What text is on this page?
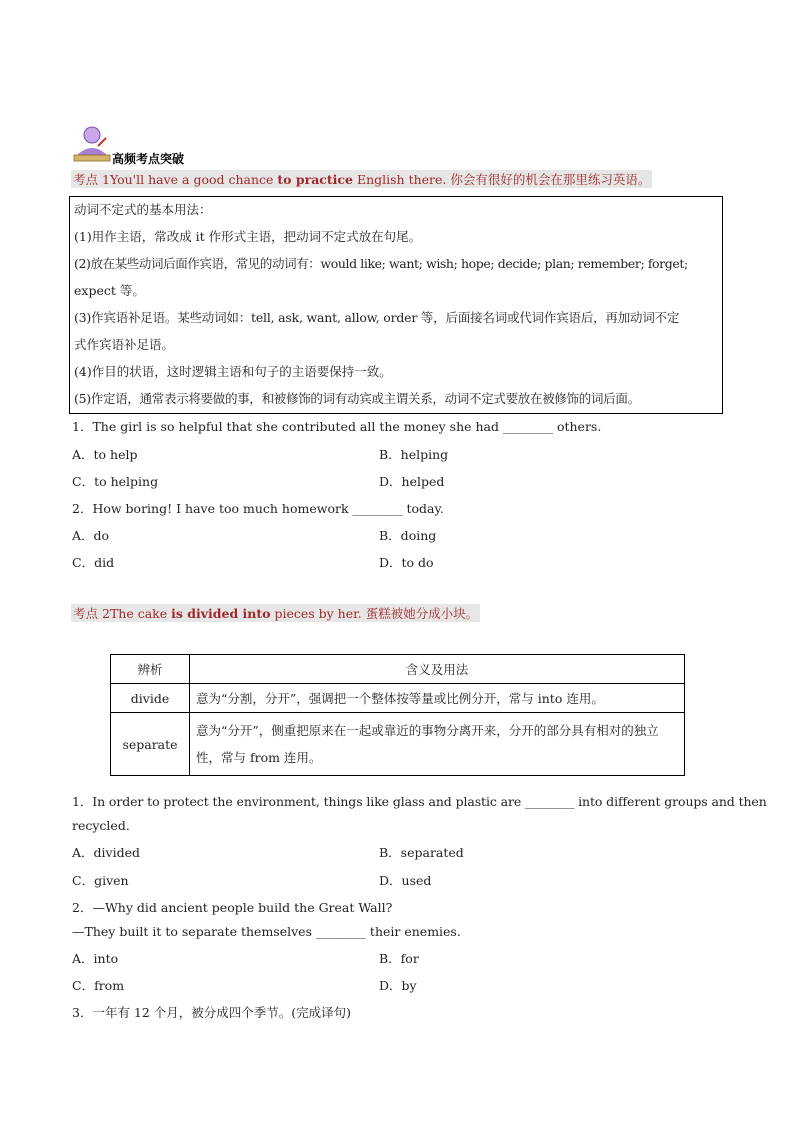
高频考点突破
考点 1You'll have a good chance to practice English there. 你会有很好的机会在那里练习英语。
动词不定式的基本用法：
(1)用作主语，常改成 it 作形式主语，把动词不定式放在句尾。
(2)放在某些动词后面作宾语，常见的动词有：would like; want; wish; hope; decide; plan; remember; forget;
expect 等。
(3)作宾语补足语。某些动词如：tell, ask, want, allow, order 等，后面接名词或代词作宾语后，再加动词不定
式作宾语补足语。
(4)作目的状语，这时逻辑主语和句子的主语要保持一致。
(5)作定语，通常表示将要做的事，和被修饰的词有动宾或主谓关系，动词不定式要放在被修饰的词后面。
1．The girl is so helpful that she contributed all the money she had ________ others.
A．to help	B．helping
C．to helping	D．helped
2．How boring! I have too much homework ________ today.
A．do	B．doing
C．did	D．to do
考点 2The cake is divided into pieces by her. 蛋糕被她分成小块。
辨析	含义及用法
divide	意为“分割，分开”，强调把一个整体按等量或比例分开，常与 into 连用。
separate	意为“分开”，侧重把原来在一起或靠近的事物分离开来，分开的部分具有相对的独立性，常与 from 连用。
1．In order to protect the environment, things like glass and plastic are ________ into different groups and then
recycled.
A．divided	B．separated
C．given	D．used
2．—Why did ancient people build the Great Wall?
—They built it to separate themselves ________ their enemies.
A．into	B．for
C．from	D．by
3．一年有 12 个月，被分成四个季节。(完成译句)
